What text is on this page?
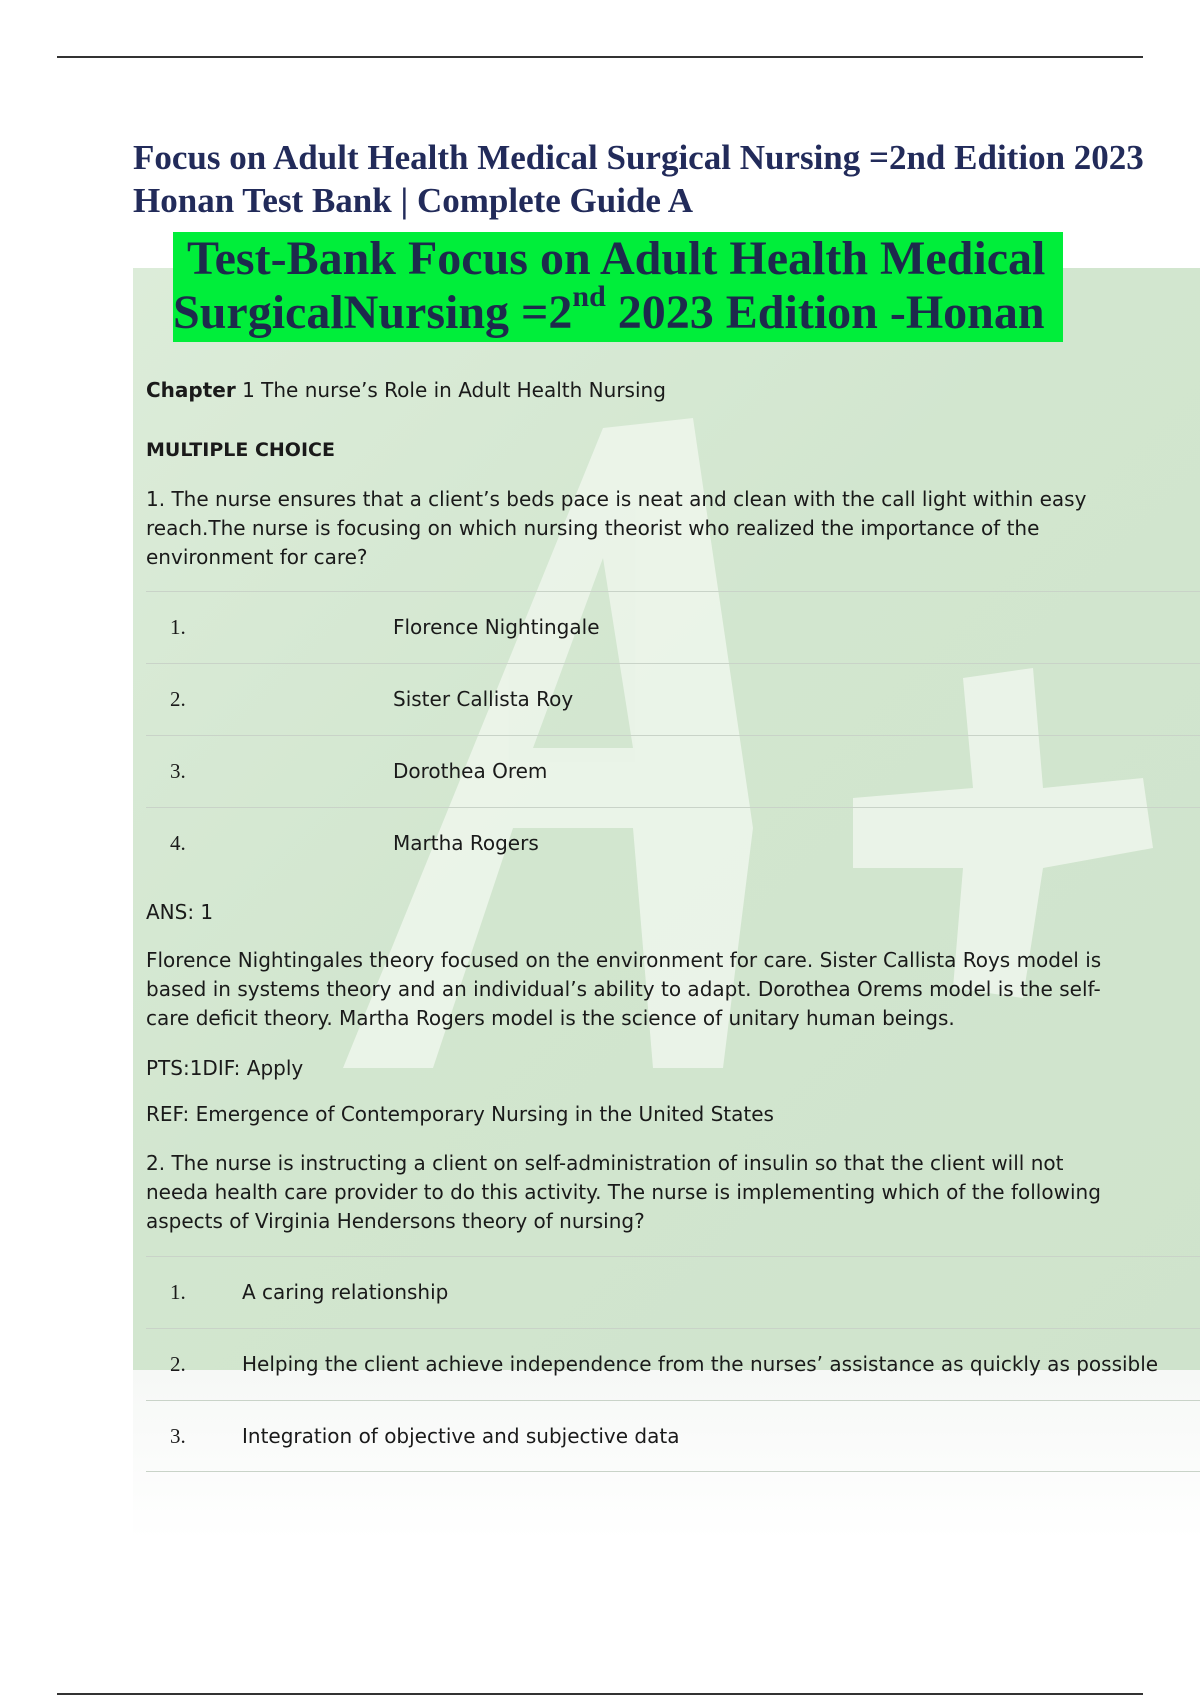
Focus on Adult Health Medical Surgical Nursing =2nd Edition 2023
Honan Test Bank | Complete Guide A
Test-Bank Focus on Adult Health Medical
SurgicalNursing =2nd 2023 Edition -Honan
Chapter 1 The nurse’s Role in Adult Health Nursing
MULTIPLE CHOICE
1. The nurse ensures that a client’s beds pace is neat and clean with the call light within easy reach.The nurse is focusing on which nursing theorist who realized the importance of the environment for care?
1.	Florence Nightingale
2.	Sister Callista Roy
3.	Dorothea Orem
4.	Martha Rogers
ANS: 1
Florence Nightingales theory focused on the environment for care. Sister Callista Roys model is based in systems theory and an individual’s ability to adapt. Dorothea Orems model is the self-care deficit theory. Martha Rogers model is the science of unitary human beings.
PTS:1DIF: Apply
REF: Emergence of Contemporary Nursing in the United States
2. The nurse is instructing a client on self-administration of insulin so that the client will not needa health care provider to do this activity. The nurse is implementing which of the following aspects of Virginia Hendersons theory of nursing?
1.	A caring relationship
2.	Helping the client achieve independence from the nurses’ assistance as quickly as possible
3.	Integration of objective and subjective data
